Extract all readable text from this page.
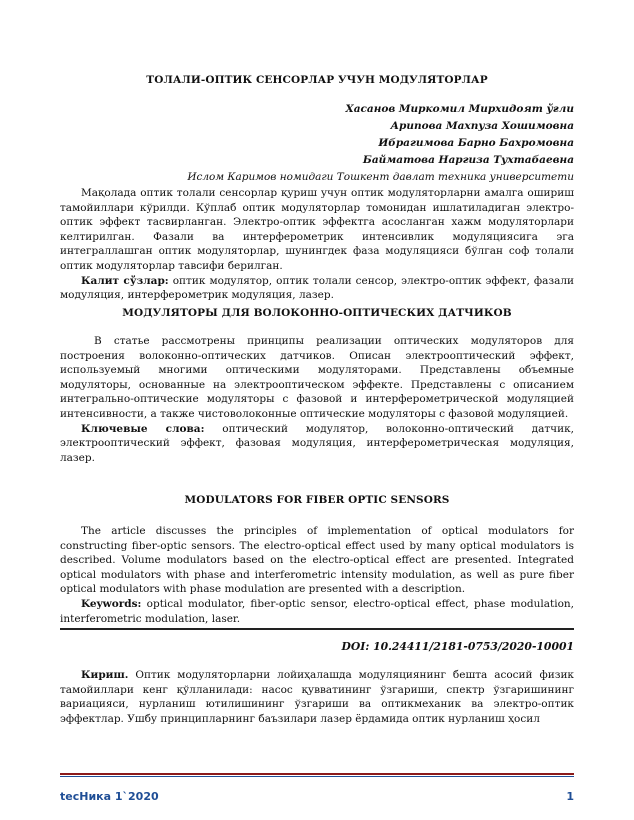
ТОЛАЛИ-ОПТИК СЕНСОРЛАР УЧУН МОДУЛЯТОРЛАР
Хасанов Миркомил Мирхидоят ўғли
Арипова Махпуза Хошимовна
Ибрагимова Барно Бахромовна
Байматова Наргиза Тухтабаевна
Ислом Каримов номидаги Тошкент давлат техника университети

Мақолада оптик толали сенсорлар қуриш учун оптик модуляторларни амалга ошириш тамойиллари кўрилди. Кўплаб оптик модуляторлар томонидан ишлатиладиган электро-оптик эффект тасвирланган. Электро-оптик эффектга асосланган хажм модуляторлари келтирилган. Фазали ва интерферометрик интенсивлик модуляциясига эга интеграллашган оптик модуляторлар, шунингдек фаза модуляцияси бўлган соф толали оптик модуляторлар тавсифи берилган.

Калит сўзлар: оптик модулятор, оптик толали сенсор, электро-оптик эффект, фазали модуляция, интерферометрик модуляция, лазер.

МОДУЛЯТОРЫ ДЛЯ ВОЛОКОННО-ОПТИЧЕСКИХ ДАТЧИКОВ

В статье рассмотрены принципы реализации оптических модуляторов для построения волоконно-оптических датчиков. Описан электрооптический эффект, используемый многими оптическими модуляторами. Представлены объемные модуляторы, основанные на электрооптическом эффекте. Представлены с описанием интегрально-оптические модуляторы с фазовой и интерферометрической модуляцией интенсивности, а также чистоволоконные оптические модуляторы с фазовой модуляцией.

Ключевые слова: оптический модулятор, волоконно-оптический датчик, электрооптический эффект, фазовая модуляция, интерферометрическая модуляция, лазер.

MODULATORS FOR FIBER OPTIC SENSORS

The article discusses the principles of implementation of optical modulators for constructing fiber-optic sensors. The electro-optical effect used by many optical modulators is described. Volume modulators based on the electro-optical effect are presented. Integrated optical modulators with phase and interferometric intensity modulation, as well as pure fiber optical modulators with phase modulation are presented with a description.

Keywords: optical modulator, fiber-optic sensor, electro-optical effect, phase modulation, interferometric modulation, laser.

DOI: 10.24411/2181-0753/2020-10001

Кириш. Оптик модуляторларни лойиҳалашда модуляциянинг бешта асосий физик тамойиллари кенг қўлланилади: насос қувватининг ўзгариши, спектр ўзгаришининг вариацияси, нурланиш ютилишининг ўзгариши ва оптикмеханик ва электро-оптик эффектлар. Ушбу принципларнинг баъзилари лазер ёрдамида оптик нурланиш ҳосил

tecНика 1`2020	1
